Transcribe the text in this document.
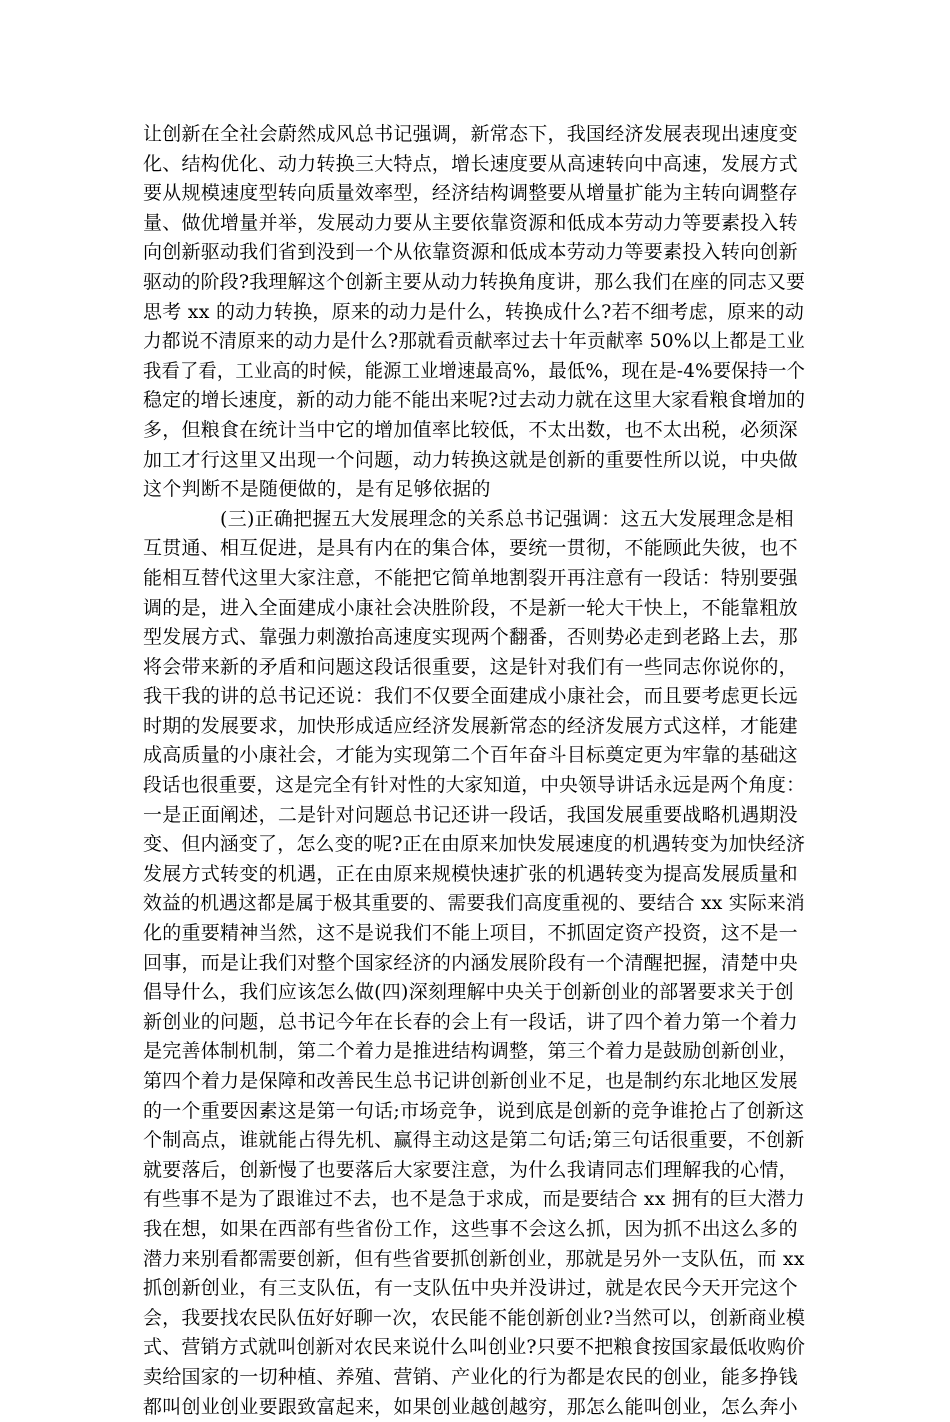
让创新在全社会蔚然成风总书记强调，新常态下，我国经济发展表现出速度变
化、结构优化、动力转换三大特点，增长速度要从高速转向中高速，发展方式
要从规模速度型转向质量效率型，经济结构调整要从增量扩能为主转向调整存
量、做优增量并举，发展动力要从主要依靠资源和低成本劳动力等要素投入转
向创新驱动我们省到没到一个从依靠资源和低成本劳动力等要素投入转向创新
驱动的阶段?我理解这个创新主要从动力转换角度讲，那么我们在座的同志又要
思考 xx 的动力转换，原来的动力是什么，转换成什么?若不细考虑，原来的动
力都说不清原来的动力是什么?那就看贡献率过去十年贡献率 50%以上都是工业
我看了看，工业高的时候，能源工业增速最高%，最低%，现在是-4%要保持一个
稳定的增长速度，新的动力能不能出来呢?过去动力就在这里大家看粮食增加的
多，但粮食在统计当中它的增加值率比较低，不太出数，也不太出税，必须深
加工才行这里又出现一个问题，动力转换这就是创新的重要性所以说，中央做
这个判断不是随便做的，是有足够依据的
　　　　(三)正确把握五大发展理念的关系总书记强调：这五大发展理念是相
互贯通、相互促进，是具有内在的集合体，要统一贯彻，不能顾此失彼，也不
能相互替代这里大家注意，不能把它简单地割裂开再注意有一段话：特别要强
调的是，进入全面建成小康社会决胜阶段，不是新一轮大干快上，不能靠粗放
型发展方式、靠强力刺激抬高速度实现两个翻番，否则势必走到老路上去，那
将会带来新的矛盾和问题这段话很重要，这是针对我们有一些同志你说你的，
我干我的讲的总书记还说：我们不仅要全面建成小康社会，而且要考虑更长远
时期的发展要求，加快形成适应经济发展新常态的经济发展方式这样，才能建
成高质量的小康社会，才能为实现第二个百年奋斗目标奠定更为牢靠的基础这
段话也很重要，这是完全有针对性的大家知道，中央领导讲话永远是两个角度：
一是正面阐述，二是针对问题总书记还讲一段话，我国发展重要战略机遇期没
变、但内涵变了，怎么变的呢?正在由原来加快发展速度的机遇转变为加快经济
发展方式转变的机遇，正在由原来规模快速扩张的机遇转变为提高发展质量和
效益的机遇这都是属于极其重要的、需要我们高度重视的、要结合 xx 实际来消
化的重要精神当然，这不是说我们不能上项目，不抓固定资产投资，这不是一
回事，而是让我们对整个国家经济的内涵发展阶段有一个清醒把握，清楚中央
倡导什么，我们应该怎么做(四)深刻理解中央关于创新创业的部署要求关于创
新创业的问题，总书记今年在长春的会上有一段话，讲了四个着力第一个着力
是完善体制机制，第二个着力是推进结构调整，第三个着力是鼓励创新创业，
第四个着力是保障和改善民生总书记讲创新创业不足，也是制约东北地区发展
的一个重要因素这是第一句话;市场竞争，说到底是创新的竞争谁抢占了创新这
个制高点，谁就能占得先机、赢得主动这是第二句话;第三句话很重要，不创新
就要落后，创新慢了也要落后大家要注意，为什么我请同志们理解我的心情，
有些事不是为了跟谁过不去，也不是急于求成，而是要结合 xx 拥有的巨大潜力
我在想，如果在西部有些省份工作，这些事不会这么抓，因为抓不出这么多的
潜力来别看都需要创新，但有些省要抓创新创业，那就是另外一支队伍，而 xx
抓创新创业，有三支队伍，有一支队伍中央并没讲过，就是农民今天开完这个
会，我要找农民队伍好好聊一次，农民能不能创新创业?当然可以，创新商业模
式、营销方式就叫创新对农民来说什么叫创业?只要不把粮食按国家最低收购价
卖给国家的一切种植、养殖、营销、产业化的行为都是农民的创业，能多挣钱
都叫创业创业要跟致富起来，如果创业越创越穷，那怎么能叫创业，怎么奔小
